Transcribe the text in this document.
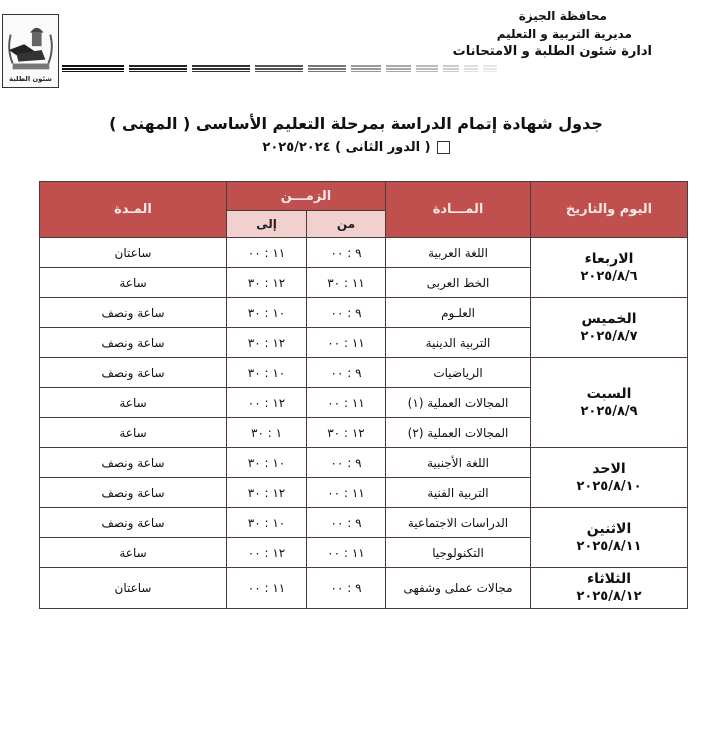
شئون الطلبة
محافظة الجيزة
مديرية التربية و التعليم
ادارة شئون الطلبة و الامتحانات
جدول شهادة إتمام الدراسة بمرحلة التعليم الأساسى ( المهنى )
( الدور الثانى ) ٢٠٢٥/٢٠٢٤
اليوم والتاريخ	المـــادة	الزمـــن		المـدة
		من	إلى	
الاربعاء
٢٠٢٥/٨/٦	اللغة العربية	٩ : ٠٠	١١ : ٠٠	ساعتان
	الخط العربى	١١ : ٣٠	١٢ : ٣٠	ساعة
الخميس
٢٠٢٥/٨/٧	العلـوم	٩ : ٠٠	١٠ : ٣٠	ساعة ونصف
	التربية الدينية	١١ : ٠٠	١٢ : ٣٠	ساعة ونصف
السبت
٢٠٢٥/٨/٩	الرياضيات	٩ : ٠٠	١٠ : ٣٠	ساعة ونصف
	المجالات العملية (١)	١١ : ٠٠	١٢ : ٠٠	ساعة
	المجالات العملية (٢)	١٢ : ٣٠	١ : ٣٠	ساعة
الاحد
٢٠٢٥/٨/١٠	اللغة الأجنبية	٩ : ٠٠	١٠ : ٣٠	ساعة ونصف
	التربية الفنية	١١ : ٠٠	١٢ : ٣٠	ساعة ونصف
الاثنين
٢٠٢٥/٨/١١	الدراسات الاجتماعية	٩ : ٠٠	١٠ : ٣٠	ساعة ونصف
	التكنولوجيا	١١ : ٠٠	١٢ : ٠٠	ساعة
الثلاثاء
٢٠٢٥/٨/١٢	مجالات عملى وشفهى	٩ : ٠٠	١١ : ٠٠	ساعتان
